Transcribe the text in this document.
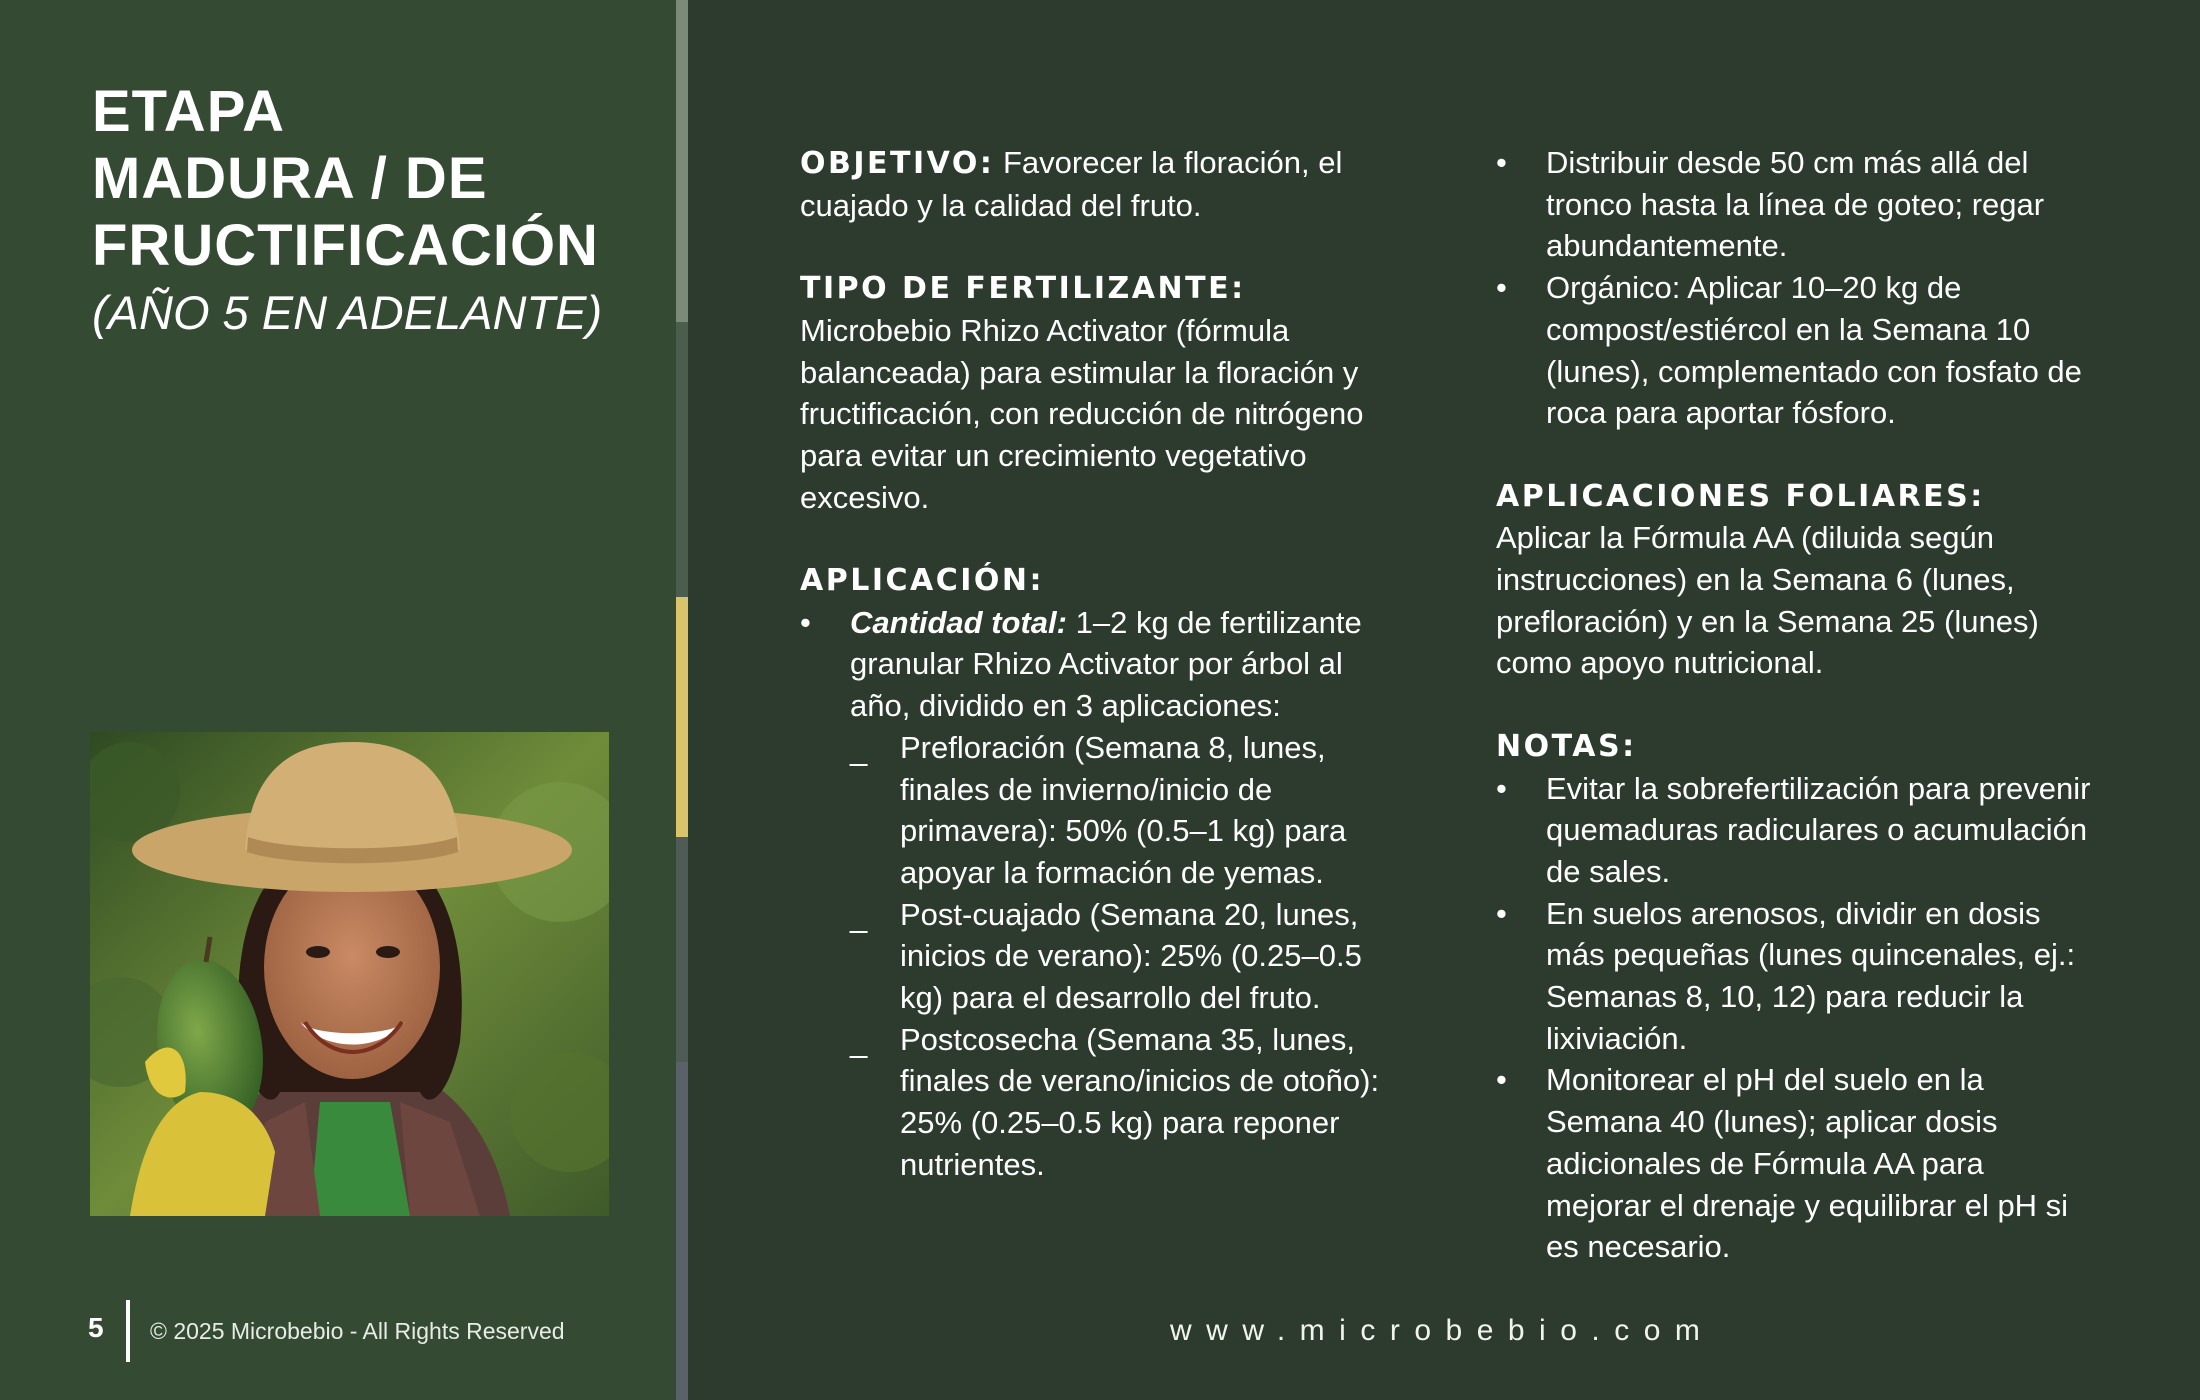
ETAPA
MADURA / DE
FRUCTIFICACIÓN
(AÑO 5 EN ADELANTE)
5 © 2025 Microbebio - All Rights Reserved	www.microbebio.com

OBJETIVO: Favorecer la floración, el cuajado y la calidad del fruto.

TIPO DE FERTILIZANTE:

Microbebio Rhizo Activator (fórmula balanceada) para estimular la floración y fructificación, con reducción de nitrógeno para evitar un crecimiento vegetativo excesivo.

APLICACIÓN:

• Cantidad total: 1–2 kg de fertilizante granular Rhizo Activator por árbol al año, dividido en 3 aplicaciones:
_ Prefloración (Semana 8, lunes, finales de invierno/inicio de primavera): 50% (0.5–1 kg) para apoyar la formación de yemas.
_ Post-cuajado (Semana 20, lunes, inicios de verano): 25% (0.25–0.5 kg) para el desarrollo del fruto.
_ Postcosecha (Semana 35, lunes, finales de verano/inicios de otoño): 25% (0.25–0.5 kg) para reponer nutrientes.
• Distribuir desde 50 cm más allá del tronco hasta la línea de goteo; regar abundantemente.
• Orgánico: Aplicar 10–20 kg de compost/estiércol en la Semana 10 (lunes), complementado con fosfato de roca para aportar fósforo.

APLICACIONES FOLIARES:

Aplicar la Fórmula AA (diluida según instrucciones) en la Semana 6 (lunes, prefloración) y en la Semana 25 (lunes) como apoyo nutricional.

NOTAS:

• Evitar la sobrefertilización para prevenir quemaduras radiculares o acumulación de sales.
• En suelos arenosos, dividir en dosis más pequeñas (lunes quincenales, ej.: Semanas 8, 10, 12) para reducir la lixiviación.
• Monitorear el pH del suelo en la Semana 40 (lunes); aplicar dosis adicionales de Fórmula AA para mejorar el drenaje y equilibrar el pH si es necesario.
